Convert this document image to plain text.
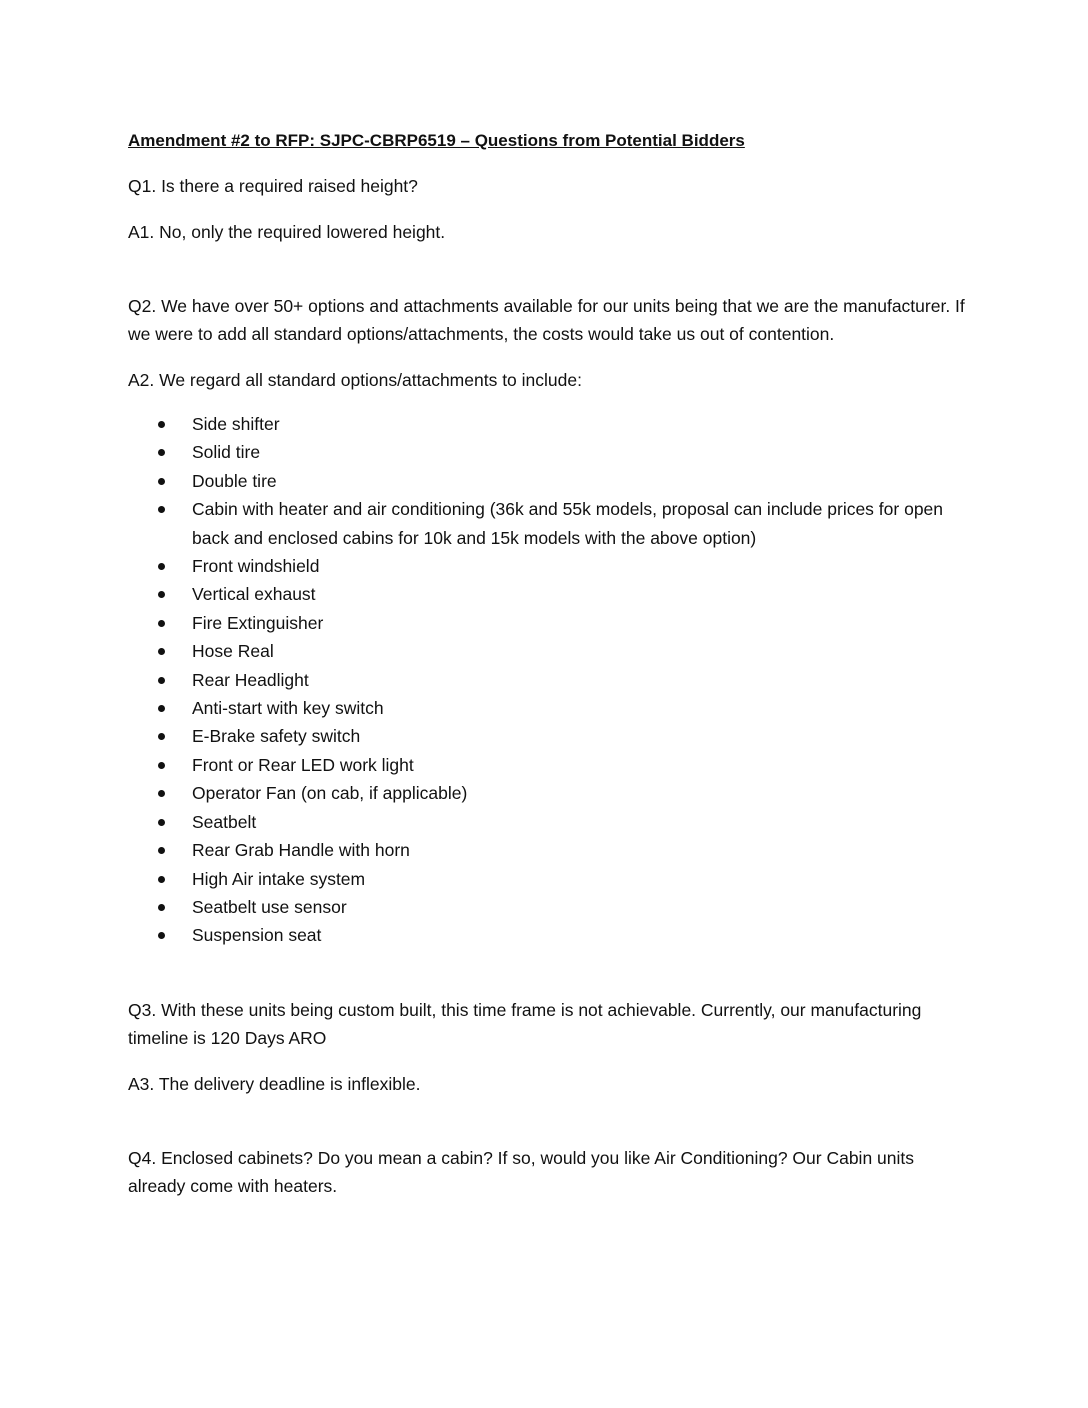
Amendment #2 to RFP: SJPC-CBRP6519 – Questions from Potential Bidders

Q1. Is there a required raised height?

A1. No, only the required lowered height.

Q2. We have over 50+ options and attachments available for our units being that we are the manufacturer. If we were to add all standard options/attachments, the costs would take us out of contention.

A2. We regard all standard options/attachments to include:

Side shifter
Solid tire
Double tire
Cabin with heater and air conditioning (36k and 55k models, proposal can include prices for open back and enclosed cabins for 10k and 15k models with the above option)
Front windshield
Vertical exhaust
Fire Extinguisher
Hose Real
Rear Headlight
Anti-start with key switch
E-Brake safety switch
Front or Rear LED work light
Operator Fan (on cab, if applicable)
Seatbelt
Rear Grab Handle with horn
High Air intake system
Seatbelt use sensor
Suspension seat

Q3. With these units being custom built, this time frame is not achievable. Currently, our manufacturing timeline is 120 Days ARO

A3. The delivery deadline is inflexible.

Q4. Enclosed cabinets? Do you mean a cabin? If so, would you like Air Conditioning? Our Cabin units already come with heaters.
